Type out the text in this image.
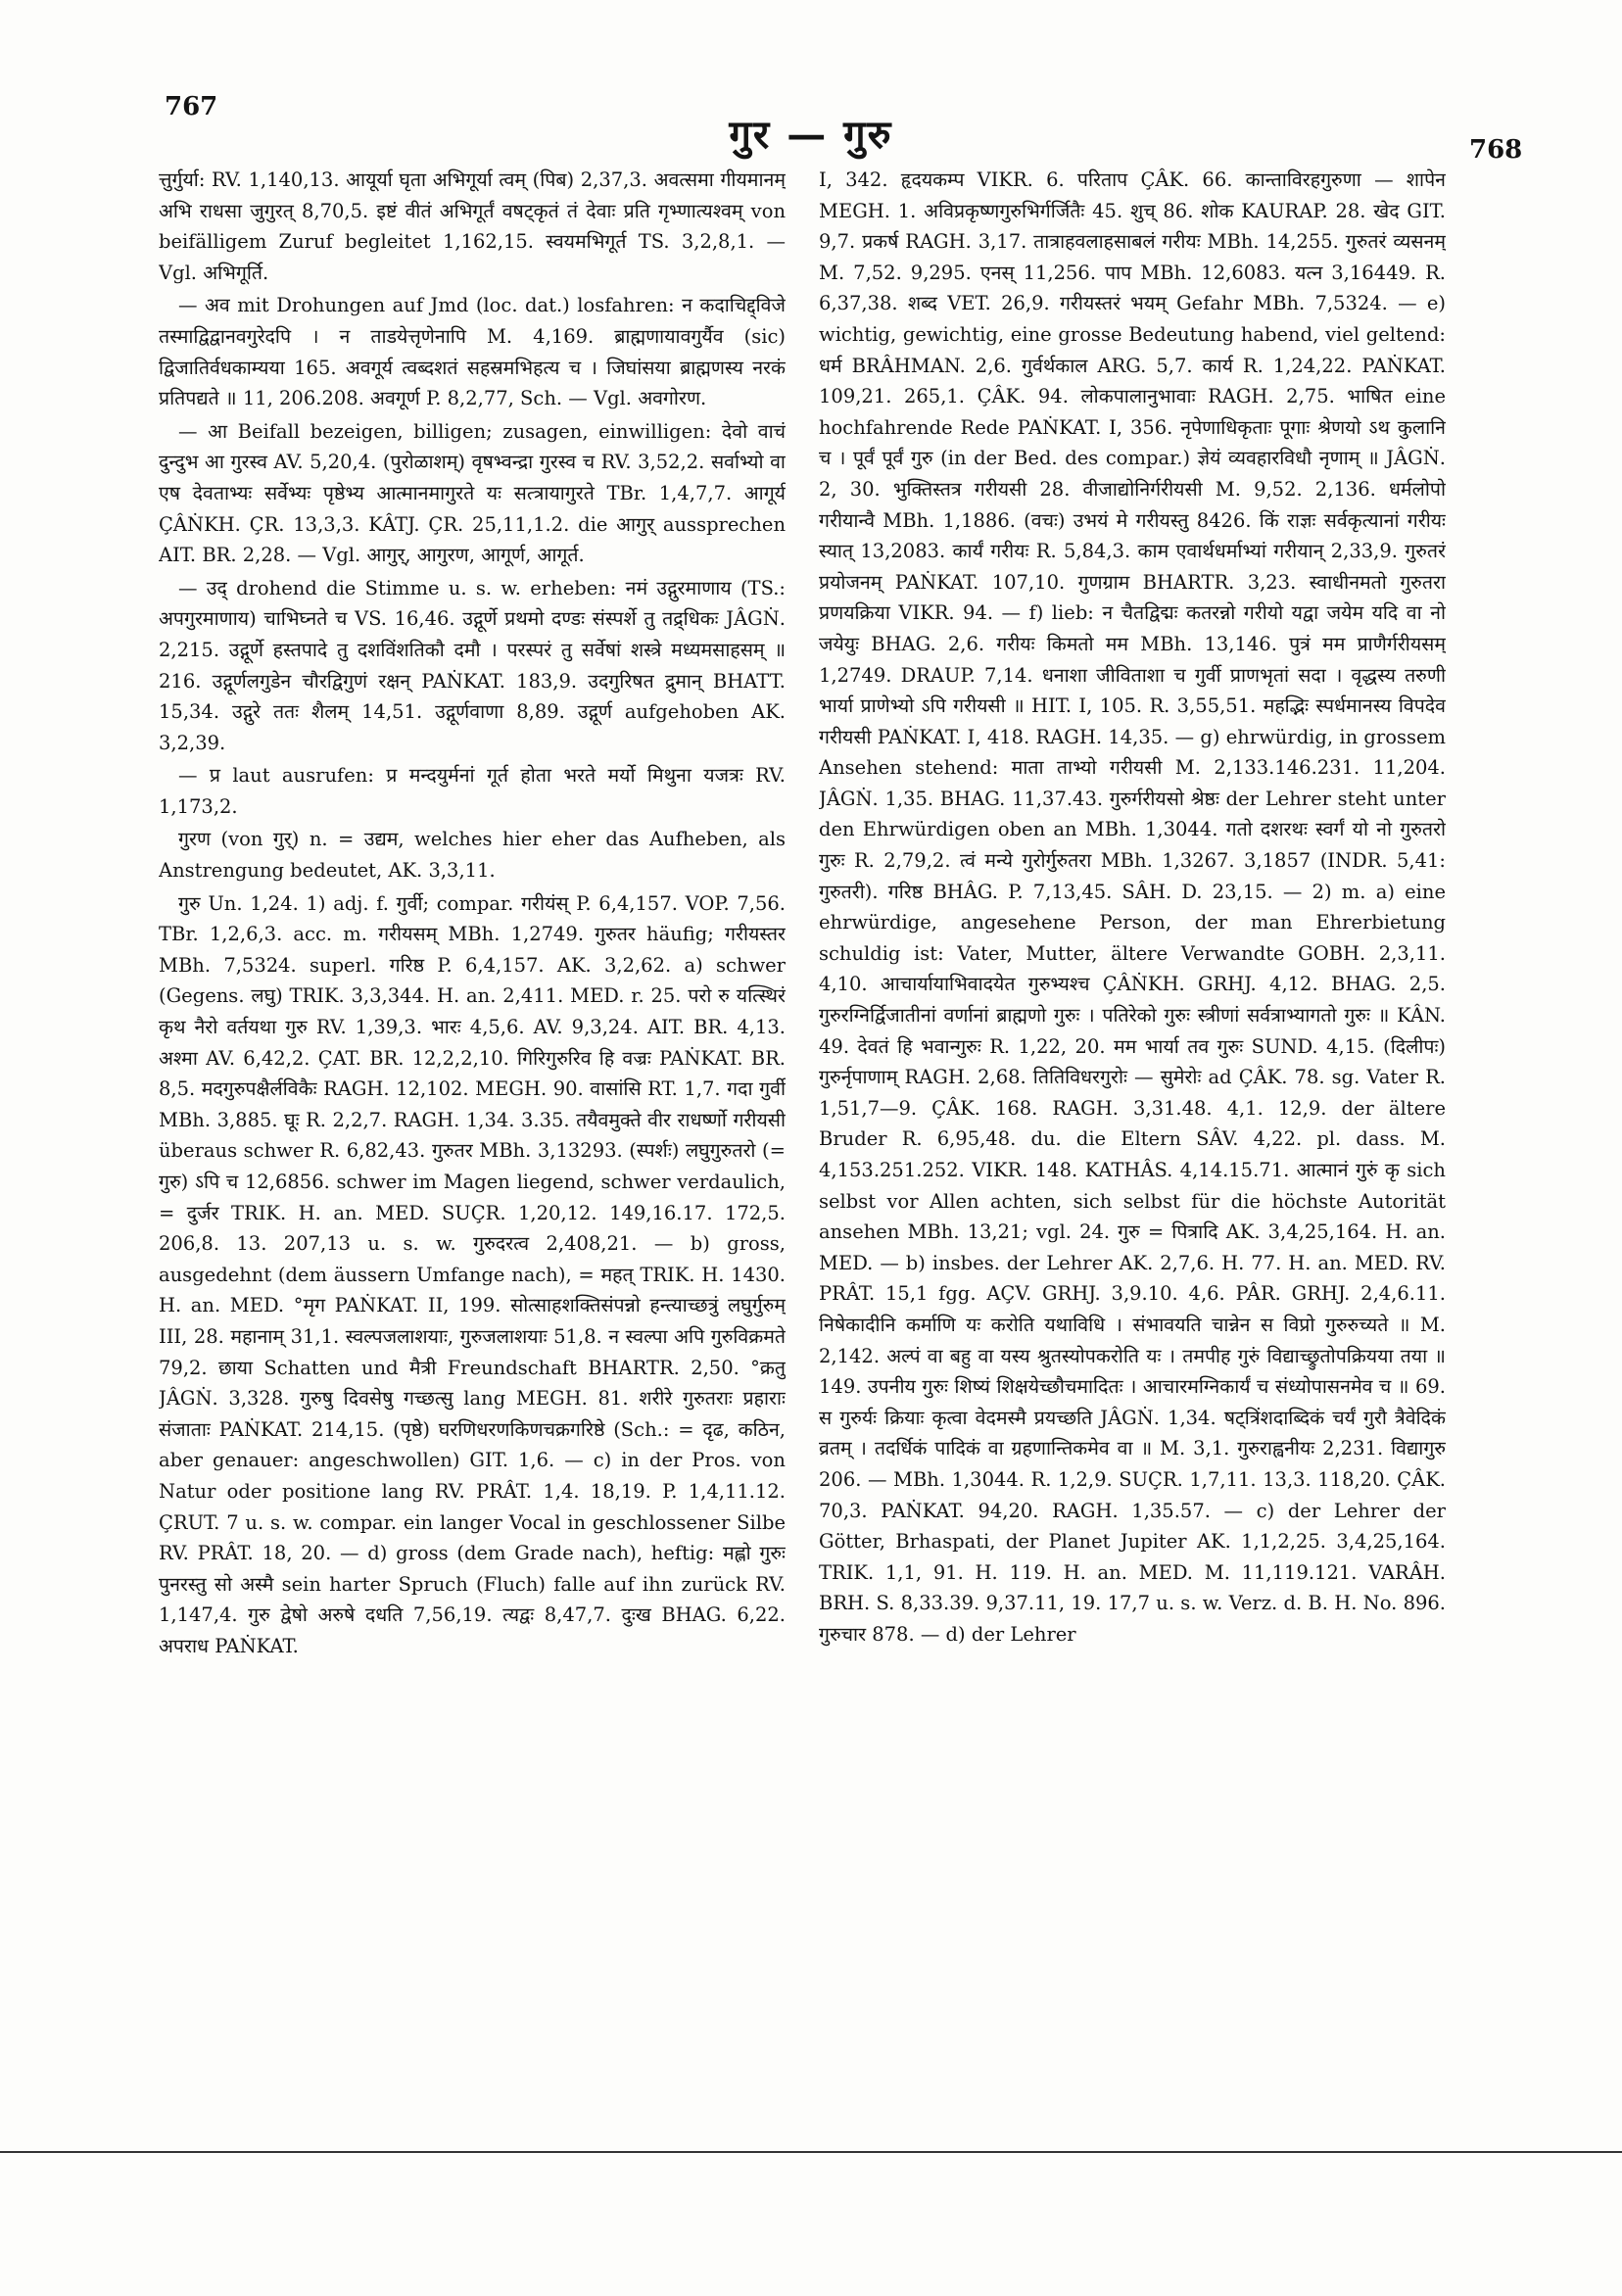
767
गुर — गुरु	768

त्तुर्गुर्या: RV. 1,140,13. आयूर्या घृता अभिगूर्या त्वम् (पिब) 2,37,3. अवत्समा गीयमानम् अभि राधसा जुगुरत् 8,70,5. इष्टं वीतं अभिगूर्तं वषट्कृतं तं देवाः प्रति गृभ्णात्यश्वम् von beifälligem Zuruf begleitet 1,162,15. स्वयमभिगूर्त TS. 3,2,8,1. — Vgl. अभिगूर्ति.

— अव mit Drohungen auf Jmd (loc. dat.) losfahren: न कदाचिद्द्विजे तस्माद्विद्वानवगुरेदपि । न ताडयेत्तृणेनापि M. 4,169. ब्राह्मणायावगुर्यैव (sic) द्विजातिर्वधकाम्यया 165. अवगूर्य त्वब्दशतं सहस्रमभिहत्य च । जिघांसया ब्राह्मणस्य नरकं प्रतिपद्यते ॥ 11, 206.208. अवगूर्ण P. 8,2,77, Sch. — Vgl. अवगोरण.

— आ Beifall bezeigen, billigen; zusagen, einwilligen: देवो वाचं दुन्दुभ आ गुरस्व AV. 5,20,4. (पुरोळाशम्) वृषभ्वन्द्रा गुरस्व च RV. 3,52,2. सर्वाभ्यो वा एष देवताभ्यः सर्वेभ्यः पृष्ठेभ्य आत्मानमागुरते यः सत्त्रायागुरते TBr. 1,4,7,7. आगूर्य ÇÂṄKH. ÇR. 13,3,3. KÂTJ. ÇR. 25,11,1.2. die आगुर् aussprechen AIT. BR. 2,28. — Vgl. आगुर्, आगुरण, आगूर्ण, आगूर्त.

— उद् drohend die Stimme u. s. w. erheben: नमं उद्गुरमाणाय (TS.: अपगुरमाणाय) चाभिघ्नते च VS. 16,46. उद्गूर्णे प्रथमो दण्डः संस्पर्शे तु तद्र्धिकः JÂGṄ. 2,215. उद्गूर्णे हस्तपादे तु दशविंशतिकौ दमौ । परस्परं तु सर्वेषां शस्त्रे मध्यमसाहसम् ॥ 216. उद्गूर्णलगुडेन चौरद्विगुणं रक्षन् PAṄKAT. 183,9. उदगुरिषत द्रुमान् BHATT. 15,34. उद्गुरे ततः शैलम् 14,51. उद्गूर्णवाणा 8,89. उद्गूर्ण aufgehoben AK. 3,2,39.

— प्र laut ausrufen: प्र मन्दयुर्मनां गूर्त होता भरते मर्यो मिथुना यजत्रः RV. 1,173,2.

गुरण (von गुर्) n. = उद्यम, welches hier eher das Aufheben, als Anstrengung bedeutet, AK. 3,3,11.

गुरु Un. 1,24. 1) adj. f. गुर्वी; compar. गरीयंस् P. 6,4,157. VOP. 7,56. TBr. 1,2,6,3. acc. m. गरीयसम् MBh. 1,2749. गुरुतर häufig; गरीयस्तर MBh. 7,5324. superl. गरिष्ठ P. 6,4,157. AK. 3,2,62. a) schwer (Gegens. लघु) TRIK. 3,3,344. H. an. 2,411. MED. r. 25. परो रु यत्स्थिरं कृथ नैरो वर्तयथा गुरु RV. 1,39,3. भारः 4,5,6. AV. 9,3,24. AIT. BR. 4,13. अश्मा AV. 6,42,2. ÇAT. BR. 12,2,2,10. गिरिगुरुरिव हि वज्रः PAṄKAT. BR. 8,5. मदगुरुपक्षैर्लविकैः RAGH. 12,102. MEGH. 90. वासांसि RT. 1,7. गदा गुर्वी MBh. 3,885. घूः R. 2,2,7. RAGH. 1,34. 3.35. तयैवमुक्ते वीर राधर्ष्णो गरीयसी überaus schwer R. 6,82,43. गुरुतर MBh. 3,13293. (स्पर्शः) लघुगुरुतरो (= गुरु) ऽपि च 12,6856. schwer im Magen liegend, schwer verdaulich, = दुर्जर TRIK. H. an. MED. SUÇR. 1,20,12. 149,16.17. 172,5. 206,8. 13. 207,13 u. s. w. गुरुदरत्व 2,408,21. — b) gross, ausgedehnt (dem äussern Umfange nach), = महत् TRIK. H. 1430. H. an. MED. °मृग PAṄKAT. II, 199. सोत्साहशक्तिसंपन्नो हन्त्याच्छत्रुं लघुर्गुरुम् III, 28. महानाम् 31,1. स्वल्पजलाशयाः, गुरुजलाशयाः 51,8. न स्वल्पा अपि गुरुविक्रमते 79,2. छाया Schatten und मैत्री Freundschaft BHARTR. 2,50. °क्रतु JÂGṄ. 3,328. गुरुषु दिवसेषु गच्छत्सु lang MEGH. 81. शरीरे गुरुतराः प्रहाराः संजाताः PAṄKAT. 214,15. (पृष्ठे) घरणिधरणकिणचक्रगरिष्ठे (Sch.: = दृढ, कठिन, aber genauer: angeschwollen) GIT. 1,6. — c) in der Pros. von Natur oder positione lang RV. PRÂT. 1,4. 18,19. P. 1,4,11.12. ÇRUT. 7 u. s. w. compar. ein langer Vocal in geschlossener Silbe RV. PRÂT. 18, 20. — d) gross (dem Grade nach), heftig: मह्लो गुरुः पुनरस्तु सो अस्मै sein harter Spruch (Fluch) falle auf ihn zurück RV. 1,147,4. गुरु द्वेषो अरुषे दधति 7,56,19. त्यद्वः 8,47,7. दुःख BHAG. 6,22. अपराध PAṄKAT.

I, 342. हृदयकम्प VIKR. 6. परिताप ÇÂK. 66. कान्ताविरहगुरुणा — शापेन MEGH. 1. अविप्रकृष्णगुरुभिर्गर्जितैः 45. शुच् 86. शोक KAURAP. 28. खेद GIT. 9,7. प्रकर्ष RAGH. 3,17. तात्राहवलाहसाबलं गरीयः MBh. 14,255. गुरुतरं व्यसनम् M. 7,52. 9,295. एनस् 11,256. पाप MBh. 12,6083. यत्न 3,16449. R. 6,37,38. शब्द VET. 26,9. गरीयस्तरं भयम् Gefahr MBh. 7,5324. — e) wichtig, gewichtig, eine grosse Bedeutung habend, viel geltend: धर्म BRÂHMAN. 2,6. गुर्वर्थकाल ARG. 5,7. कार्य R. 1,24,22. PAṄKAT. 109,21. 265,1. ÇÂK. 94. लोकपालानुभावाः RAGH. 2,75. भाषित eine hochfahrende Rede PAṄKAT. I, 356. नृपेणाधिकृताः पूगाः श्रेणयो ऽथ कुलानि च । पूर्वं पूर्वं गुरु (in der Bed. des compar.) ज्ञेयं व्यवहारविधौ नृणाम् ॥ JÂGṄ. 2, 30. भुक्तिस्तत्र गरीयसी 28. वीजाद्योनिर्गरीयसी M. 9,52. 2,136. धर्मलोपो गरीयान्वै MBh. 1,1886. (वचः) उभयं मे गरीयस्तु 8426. किं राज्ञः सर्वकृत्यानां गरीयः स्यात् 13,2083. कार्यं गरीयः R. 5,84,3. काम एवार्थधर्माभ्यां गरीयान् 2,33,9. गुरुतरं प्रयोजनम् PAṄKAT. 107,10. गुणग्राम BHARTR. 3,23. स्वाधीनमतो गुरुतरा प्रणयक्रिया VIKR. 94. — f) lieb: न चैतद्विद्मः कतरन्नो गरीयो यद्वा जयेम यदि वा नो जयेयुः BHAG. 2,6. गरीयः किमतो मम MBh. 13,146. पुत्रं मम प्राणैर्गरीयसम् 1,2749. DRAUP. 7,14. धनाशा जीविताशा च गुर्वी प्राणभृतां सदा । वृद्धस्य तरुणी भार्या प्राणेभ्यो ऽपि गरीयसी ॥ HIT. I, 105. R. 3,55,51. महद्भिः स्पर्धमानस्य विपदेव गरीयसी PAṄKAT. I, 418. RAGH. 14,35. — g) ehrwürdig, in grossem Ansehen stehend: माता ताभ्यो गरीयसी M. 2,133.146.231. 11,204. JÂGṄ. 1,35. BHAG. 11,37.43. गुरुर्गरीयसो श्रेष्ठः der Lehrer steht unter den Ehrwürdigen oben an MBh. 1,3044. गतो दशरथः स्वर्गं यो नो गुरुतरो गुरुः R. 2,79,2. त्वं मन्ये गुरोर्गुरुतरा MBh. 1,3267. 3,1857 (INDR. 5,41: गुरुतरी). गरिष्ठ BHÂG. P. 7,13,45. SÂH. D. 23,15. — 2) m. a) eine ehrwürdige, angesehene Person, der man Ehrerbietung schuldig ist: Vater, Mutter, ältere Verwandte GOBH. 2,3,11. 4,10. आचार्यायाभिवादयेत गुरुभ्यश्च ÇÂṄKH. GRHJ. 4,12. BHAG. 2,5. गुरुरग्निर्द्विजातीनां वर्णानां ब्राह्मणो गुरुः । पतिरेको गुरुः स्त्रीणां सर्वत्राभ्यागतो गुरुः ॥ KÂN. 49. देवतं हि भवान्गुरुः R. 1,22, 20. मम भार्या तव गुरुः SUND. 4,15. (दिलीपः) गुरुर्नृपाणाम् RAGH. 2,68. तितिविधरगुरोः — सुमेरोः ad ÇÂK. 78. sg. Vater R. 1,51,7—9. ÇÂK. 168. RAGH. 3,31.48. 4,1. 12,9. der ältere Bruder R. 6,95,48. du. die Eltern SÂV. 4,22. pl. dass. M. 4,153.251.252. VIKR. 148. KATHÂS. 4,14.15.71. आत्मानं गुरुं कृ sich selbst vor Allen achten, sich selbst für die höchste Autorität ansehen MBh. 13,21; vgl. 24. गुरु = पित्रादि AK. 3,4,25,164. H. an. MED. — b) insbes. der Lehrer AK. 2,7,6. H. 77. H. an. MED. RV. PRÂT. 15,1 fgg. AÇV. GRHJ. 3,9.10. 4,6. PÂR. GRHJ. 2,4,6.11. निषेकादीनि कर्माणि यः करोति यथाविधि । संभावयति चान्नेन स विप्रो गुरुरुच्यते ॥ M. 2,142. अल्पं वा बहु वा यस्य श्रुतस्योपकरोति यः । तमपीह गुरुं विद्याच्छ्रुतोपक्रियया तया ॥ 149. उपनीय गुरुः शिष्यं शिक्षयेच्छौचमादितः । आचारमग्निकार्यं च संध्योपासनमेव च ॥ 69. स गुरुर्यः क्रियाः कृत्वा वेदमस्मै प्रयच्छति JÂGṄ. 1,34. षट्त्रिंशदाब्दिकं चर्यं गुरौ त्रैवेदिकं व्रतम् । तदर्धिकं पादिकं वा ग्रहणान्तिकमेव वा ॥ M. 3,1. गुरुराह्वनीयः 2,231. विद्यागुरु 206. — MBh. 1,3044. R. 1,2,9. SUÇR. 1,7,11. 13,3. 118,20. ÇÂK. 70,3. PAṄKAT. 94,20. RAGH. 1,35.57. — c) der Lehrer der Götter, Brhaspati, der Planet Jupiter AK. 1,1,2,25. 3,4,25,164. TRIK. 1,1, 91. H. 119. H. an. MED. M. 11,119.121. VARÂH. BRH. S. 8,33.39. 9,37.11, 19. 17,7 u. s. w. Verz. d. B. H. No. 896. गुरुचार 878. — d) der Lehrer
